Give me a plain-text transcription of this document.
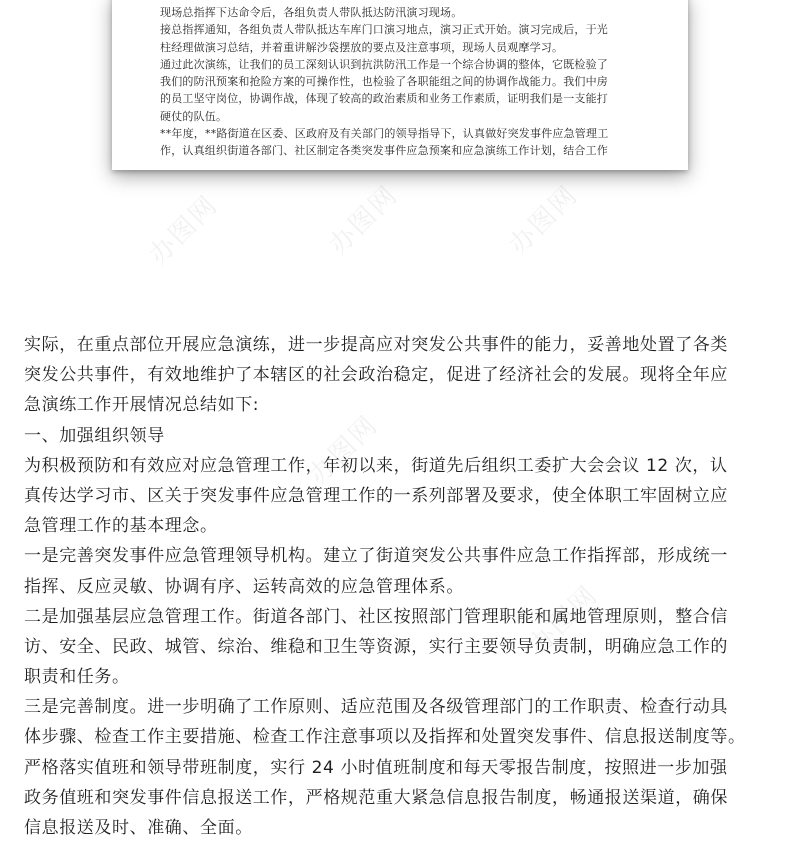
办图网	办图网	办图网
办图网
办图网
现场总指挥下达命令后，各组负责人带队抵达防汛演习现场。
接总指挥通知，各组负责人带队抵达车库门口演习地点，演习正式开始。演习完成后，于光
柱经理做演习总结，并着重讲解沙袋摆放的要点及注意事项，现场人员观摩学习。
通过此次演练，让我们的员工深刻认识到抗洪防汛工作是一个综合协调的整体，它既检验了
我们的防汛预案和抢险方案的可操作性，也检验了各职能组之间的协调作战能力。我们中房
的员工坚守岗位，协调作战，体现了较高的政治素质和业务工作素质，证明我们是一支能打
硬仗的队伍。
**年度，**路街道在区委、区政府及有关部门的领导指导下，认真做好突发事件应急管理工
作，认真组织街道各部门、社区制定各类突发事件应急预案和应急演练工作计划，结合工作
实际，在重点部位开展应急演练，进一步提高应对突发公共事件的能力，妥善地处置了各类
突发公共事件，有效地维护了本辖区的社会政治稳定，促进了经济社会的发展。现将全年应
急演练工作开展情况总结如下:
一、加强组织领导
为积极预防和有效应对应急管理工作，年初以来，街道先后组织工委扩大会会议 12 次，认
真传达学习市、区关于突发事件应急管理工作的一系列部署及要求，使全体职工牢固树立应
急管理工作的基本理念。
一是完善突发事件应急管理领导机构。建立了街道突发公共事件应急工作指挥部，形成统一
指挥、反应灵敏、协调有序、运转高效的应急管理体系。
二是加强基层应急管理工作。街道各部门、社区按照部门管理职能和属地管理原则，整合信
访、安全、民政、城管、综治、维稳和卫生等资源，实行主要领导负责制，明确应急工作的
职责和任务。
三是完善制度。进一步明确了工作原则、适应范围及各级管理部门的工作职责、检查行动具
体步骤、检查工作主要措施、检查工作注意事项以及指挥和处置突发事件、信息报送制度等。
严格落实值班和领导带班制度，实行 24 小时值班制度和每天零报告制度，按照进一步加强
政务值班和突发事件信息报送工作，严格规范重大紧急信息报告制度，畅通报送渠道，确保
信息报送及时、准确、全面。
